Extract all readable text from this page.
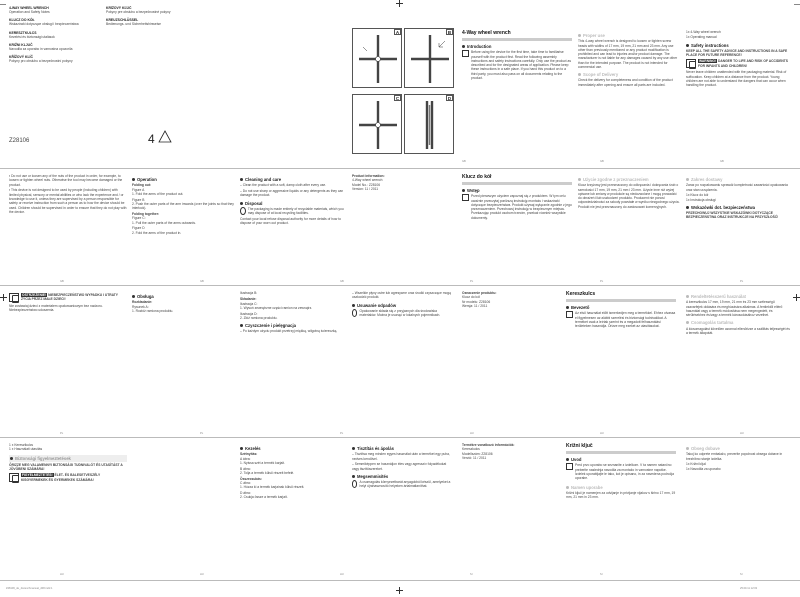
4-WAY WHEEL WRENCH
Operation and Safety Notes
KLUCZ DO KÓŁ
Wskazówki dotyczące obsługi i bezpieczeństwa
KERESZTKULCS
Kezelési és biztonsági utalások
KRIŽNI KLJUČ
Navodila za uporabo in varnostna opozorila
KŘÍŽOVÝ KLÍČ
Pokyny pro obsluhu a bezpečnostní pokyny
KRÍŽOVÝ KĽÚČ
Pokyny pre obsluhu a bezpečnostné pokyny
KREUZSCHLÜSSEL
Bedienungs- und Sicherheitshinweise
Z28106	4
A	B
C	D
4-Way wheel wrench
Introduction
Before using the device for the first time, take time to familiarise yourself with the product first. Read the following assembly instructions and safety instructions carefully. Only use the product as described and for the designated areas of application. Please keep these instructions in a safe place. If you hand this product on to a third party, you must also pass on all documents relating to the product.
Proper use
This 4-way wheel wrench is designed to loosen or tighten screw heads with widths of 17 mm, 19 mm, 21 mm and 23 mm. Any use other than previously mentioned or any product modification is prohibited and can lead to injuries and/or product damage. The manufacturer is not liable for any damages caused by any use other than for the intended purpose. The product is not intended for commercial use.
Scope of Delivery
Check the delivery for completeness and condition of the product immediately after opening and ensure all parts are included.
1x 4-Way wheel wrench
1x Operating manual
Safety instructions
KEEP ALL THE SAFETY ADVICE AND INSTRUCTIONS IN A SAFE PLACE FOR FUTURE REFERENCE!
WARNING! DANGER TO LIFE AND RISK OF ACCIDENTS FOR INFANTS AND CHILDREN!
Never leave children unattended with the packaging material. Risk of suffocation. Keep children at a distance from the product. Young children are not able to understand the dangers that can occur when handling the product.
GB	GB	GB
▪ Do not use or loosen any of the nuts of the product in order, for example, to loosen or tighten wheel nuts. Otherwise the tool may become damaged or the product.
▪ This device is not designed to be used by people (including children) with limited physical, sensory or mental abilities or who lack the experience and / or knowledge to use it, unless they are supervised by a person responsible for safety or receive instruction from such a person as to how the device should be used. Children should be supervised in order to ensure that they do not play with the device.
Operation
Folding out:
Figure A
1. Fold the arms of the product out.
Figure B
2. Push the outer parts of the arm inwards (over the joints so that they interlock).
Folding together:
Figure C:
1. Pull the outer parts of the arms outwards.
Figure D
2. Fold the arms of the product in.
Cleaning and care
– Clean the product with a soft, damp cloth after every use.
– Do not use sharp or aggressive liquids or any detergents as they can damage the product.
Disposal
The packaging is made entirely of recyclable materials, which you may dispose of at local recycling facilities.
Contact your local refuse disposal authority for more details of how to dispose of your worn out product.
Product information:
4-Way wheel wrench
Model No.: Z28106
Version: 11 / 2011
Klucz do kół
Wstęp
Przed pierwszym użyciem zapoznaj się z produktem. W tym celu uważnie przeczytaj poniższą instrukcję montażu i wskazówki dotyczące bezpieczeństwa. Produkt używaj wyłącznie zgodnie z jego przeznaczeniem. Przechowuj instrukcję w bezpiecznym miejscu. Przekazując produkt osobom trzecim, przekaż również wszystkie dokumenty.
Użycie zgodne z przeznaczeniem
Klucz krzyżowy jest przeznaczony do odkręcania i dokręcania śrub o szerokości 17 mm, 19 mm, 21 mm i 23 mm. Użycie inne niż wyżej opisane lub zmiany w produkcie są niedozwolone i mogą prowadzić do obrażeń i/lub uszkodzeń produktu. Producent nie ponosi odpowiedzialności za szkody powstałe w wyniku niezgodnego użycia. Produkt nie jest przeznaczony do zastosowań komercyjnych.
Zakres dostawy
Zaraz po rozpakowaniu sprawdź kompletność zawartości opakowania oraz stan urządzenia.
1x Klucz do kół
1x Instrukcja obsługi
Wskazówki dot. bezpieczeństwa
PRZECHOWUJ WSZYSTKIE WSKAZÓWKI DOTYCZĄCE BEZPIECZEŃSTWA ORAZ INSTRUKCJE NA PRZYSZŁOŚĆ!
GB	GB	GB	PL	PL	PL
OSTRZEŻENIE! NIEBEZPIECZEŃSTWO WYPADKU I UTRATY ŻYCIA PRZEZ MAŁE DZIECI!
Nie zostawiaj dzieci z materiałem opakowaniowym bez nadzoru. Niebezpieczeństwo uduszenia.
Obsługa
Rozkładanie:
Rysunek A:
1. Rozłóż ramiona produktu.
Ilustracja B:
Składanie:
Ilustracja C:
1. Wysuń zewnętrzne części ramion na zewnątrz.
Ilustracja D:
2. Złóż ramiona produktu.
Czyszczenie i pielęgnacja
– Po każdym użyciu produkt przetrzyj miękką, wilgotną ściereczką.
– Wszelkie płyny ostre lub agresywne oraz środki czyszczące mogą uszkodzić produkt.
Usuwanie odpadów
Opakowanie składa się z przyjaznych dla środowiska materiałów. Można je usunąć w lokalnych pojemnikach.
Oznaczenie produktu:
Klucz do kół
Nr modelu: Z28106
Wersja: 11 / 2011
Kereszkulcs
Bevezető
Az első használat előtt ismerkedjen meg a termékkel. Ehhez olvassa el figyelmesen az alábbi szerelési és biztonsági tudnivalókat. A terméket csak a leírtak szerint és a megadott felhasználási területeken használja. Őrizze meg ezeket az utasításokat.
Rendeltetésszerű használat
A keresztkulcs 17 mm, 19 mm, 21 mm és 23 mm szélességű csavarfejek oldására és meghúzására alkalmas. A fentiektől eltérő használat vagy a termék módosítása nem megengedett, és sérülésekhez és/vagy a termék károsodásához vezethet.
Csomagolás tartalma
A kicsomagolást követően azonnal ellenőrizze a szállítás teljességét és a termék állapotát.
PL	PL	PL	HU	HU	HU
1 x Keresztkulcs
1 x Használati utasítás
Biztonsági figyelmeztetések
ŐRIZZE MEG VALAMENNYI BIZTONSÁGI TUDNIVALÓT ÉS UTASÍTÁST A JÖVŐBENI SZÁMÁRA!
FIGYELMEZTETÉS! ÉLET- ÉS BALESETVESZÉLY KISGYERMEKEK ÉS GYERMEKEK SZÁMÁRA!
Kezelés
Szétnyitás:
A ábra:
1. Nyissa szét a termék karjait.
B ábra:
2. Tolja a termék külső részeit befelé.
Összecsukás:
C ábra:
1. Húzza ki a termék karjainak külső részeit.
D ábra:
2. Csukja össze a termék karjait.
Tisztítás és ápolás
– Tisztítsa meg minden egyes használat után a terméket egy puha, nedves kendővel.
– Semmiképpen se használjon éles vagy agresszív folyadékokat vagy tisztítószereket.
Megsemmisítés
A csomagolás környezetbarát anyagokból készül, amelyeket a helyi újrahasznosító helyeken ártalmatlaníthat.
Termékre vonatkozó információk:
Kereszkulcs
Modellszám: Z28106
Verzió: 11 / 2011
Križni ključ
Uvod
Pred prvo uporabo se seznanite z izdelkom. V ta namen natančno preberite naslednja navodila za montažo in varnostne napotke. Izdelek uporabljajte le tako, kot je opisano, in za navedena področja uporabe.
Namen uporabe
Križni ključ je namenjen za odvijanje in privijanje vijakov s širino 17 mm, 19 mm, 21 mm in 23 mm.
Obseg dobave
Takoj ko odprete embalažo, preverite popolnost obsega dobave in brezhibno stanje izdelka.
1x Križni ključ
1x Navodila za uporabo
HU	HU	HU	SI	SI	SI
Z28106_de_4wrenchmanual_d08.indd 1	25.09.11 12:03
